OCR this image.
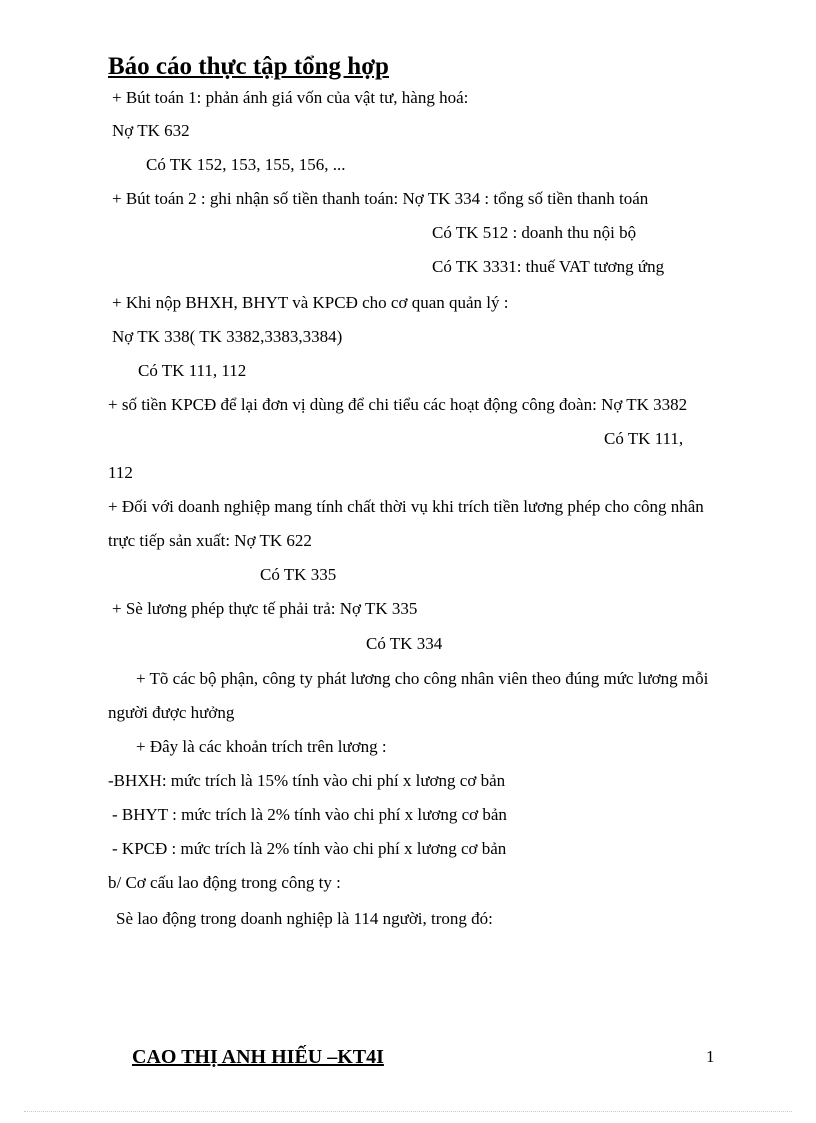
Báo cáo thực tập tổng hợp
+ Bút toán 1: phản ánh giá vốn của vật tư, hàng hoá:
Nợ TK 632
Có TK 152, 153, 155, 156, ...
+ Bút toán 2 : ghi nhận số tiền thanh toán: Nợ TK 334 : tổng số tiền thanh toán
Có TK 512 : doanh thu nội bộ
Có TK 3331: thuế VAT tương ứng
+ Khi nộp BHXH, BHYT và KPCĐ cho cơ quan quản lý :
Nợ TK 338( TK 3382,3383,3384)
Có TK 111, 112
+ số tiền KPCĐ để lại đơn vị dùng để chi tiểu các hoạt động công đoàn: Nợ TK 3382
Có TK 111,
112
+ Đối với doanh nghiệp mang tính chất thời vụ khi trích tiền lương phép cho công nhân
trực tiếp sản xuất: Nợ TK 622
Có TK 335
+ Sè lương phép thực tế phải trả: Nợ TK 335
Có TK 334
+ Tõ các bộ phận, công ty phát lương cho công nhân viên theo đúng mức lương mỗi
người được hưởng
+ Đây là các khoản trích trên lương :
-BHXH: mức trích là 15% tính vào chi phí x lương cơ bản
- BHYT : mức trích là 2% tính vào chi phí x lương cơ bản
- KPCĐ : mức trích là 2% tính vào chi phí x lương cơ bản
b/ Cơ cấu lao động trong công ty :
Sè lao động trong doanh nghiệp là 114 người, trong đó:
CAO THỊ ANH HIẾU –KT4I	1
